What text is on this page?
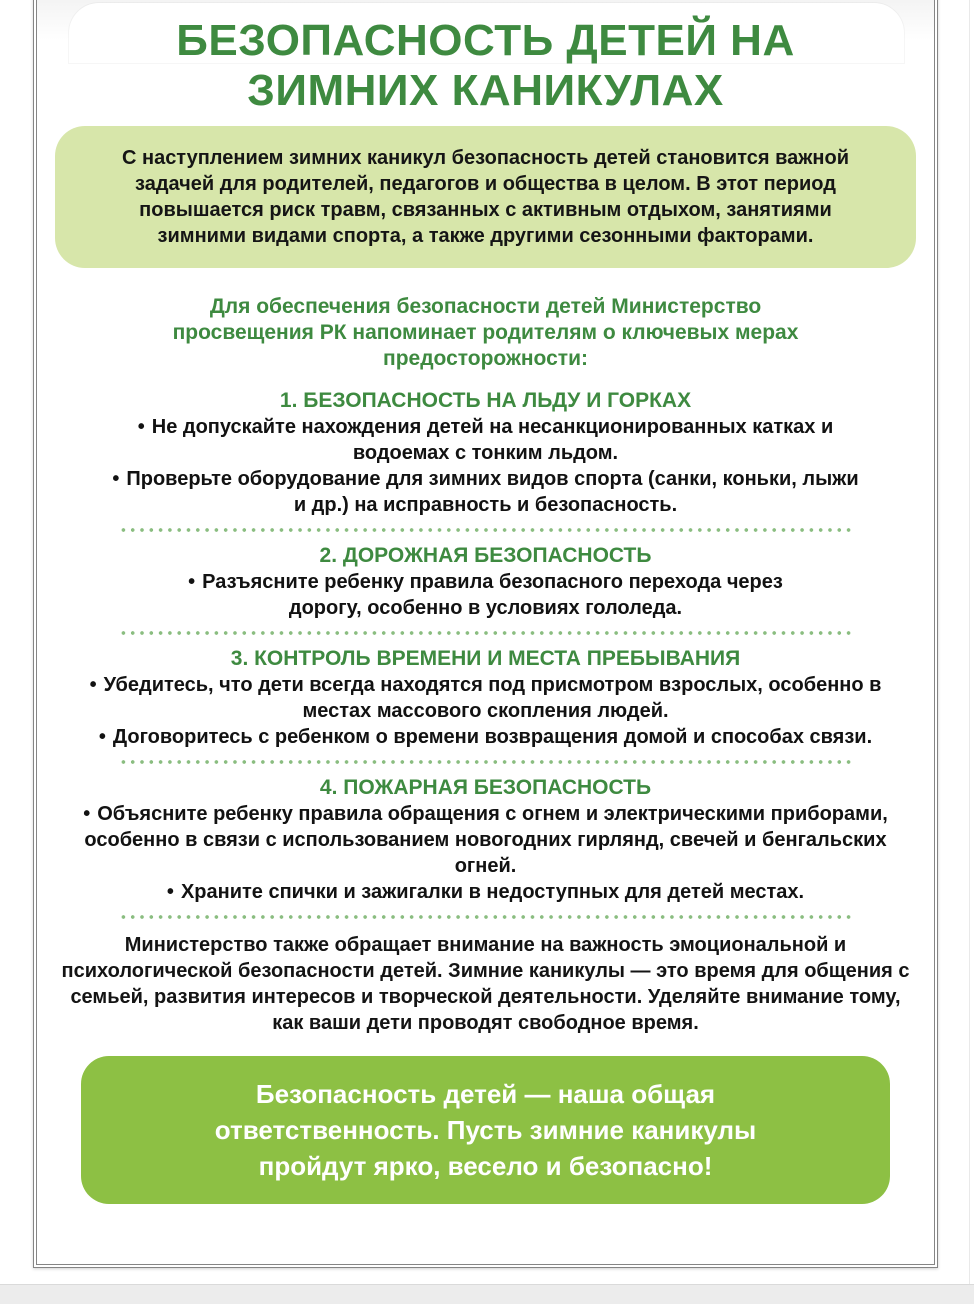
БЕЗОПАСНОСТЬ ДЕТЕЙ НА
ЗИМНИХ КАНИКУЛАХ
С наступлением зимних каникул безопасность детей становится важной задачей для родителей, педагогов и общества в целом. В этот период повышается риск травм, связанных с активным отдыхом, занятиями зимними видами спорта, а также другими сезонными факторами.

Для обеспечения безопасности детей Министерство просвещения РК напоминает родителям о ключевых мерах предосторожности:

1. БЕЗОПАСНОСТЬ НА ЛЬДУ И ГОРКАХ

• Не допускайте нахождения детей на несанкционированных катках и водоемах с тонким льдом.

• Проверьте оборудование для зимних видов спорта (санки, коньки, лыжи и др.) на исправность и безопасность.

2. ДОРОЖНАЯ БЕЗОПАСНОСТЬ

• Разъясните ребенку правила безопасного перехода через дорогу, особенно в условиях гололеда.

3. КОНТРОЛЬ ВРЕМЕНИ И МЕСТА ПРЕБЫВАНИЯ

• Убедитесь, что дети всегда находятся под присмотром взрослых, особенно в местах массового скопления людей.

• Договоритесь с ребенком о времени возвращения домой и способах связи.

4. ПОЖАРНАЯ БЕЗОПАСНОСТЬ

• Объясните ребенку правила обращения с огнем и электрическими приборами, особенно в связи с использованием новогодних гирлянд, свечей и бенгальских огней.

• Храните спички и зажигалки в недоступных для детей местах.

Министерство также обращает внимание на важность эмоциональной и психологической безопасности детей. Зимние каникулы — это время для общения с семьей, развития интересов и творческой деятельности. Уделяйте внимание тому, как ваши дети проводят свободное время.

Безопасность детей — наша общая ответственность. Пусть зимние каникулы пройдут ярко, весело и безопасно!
